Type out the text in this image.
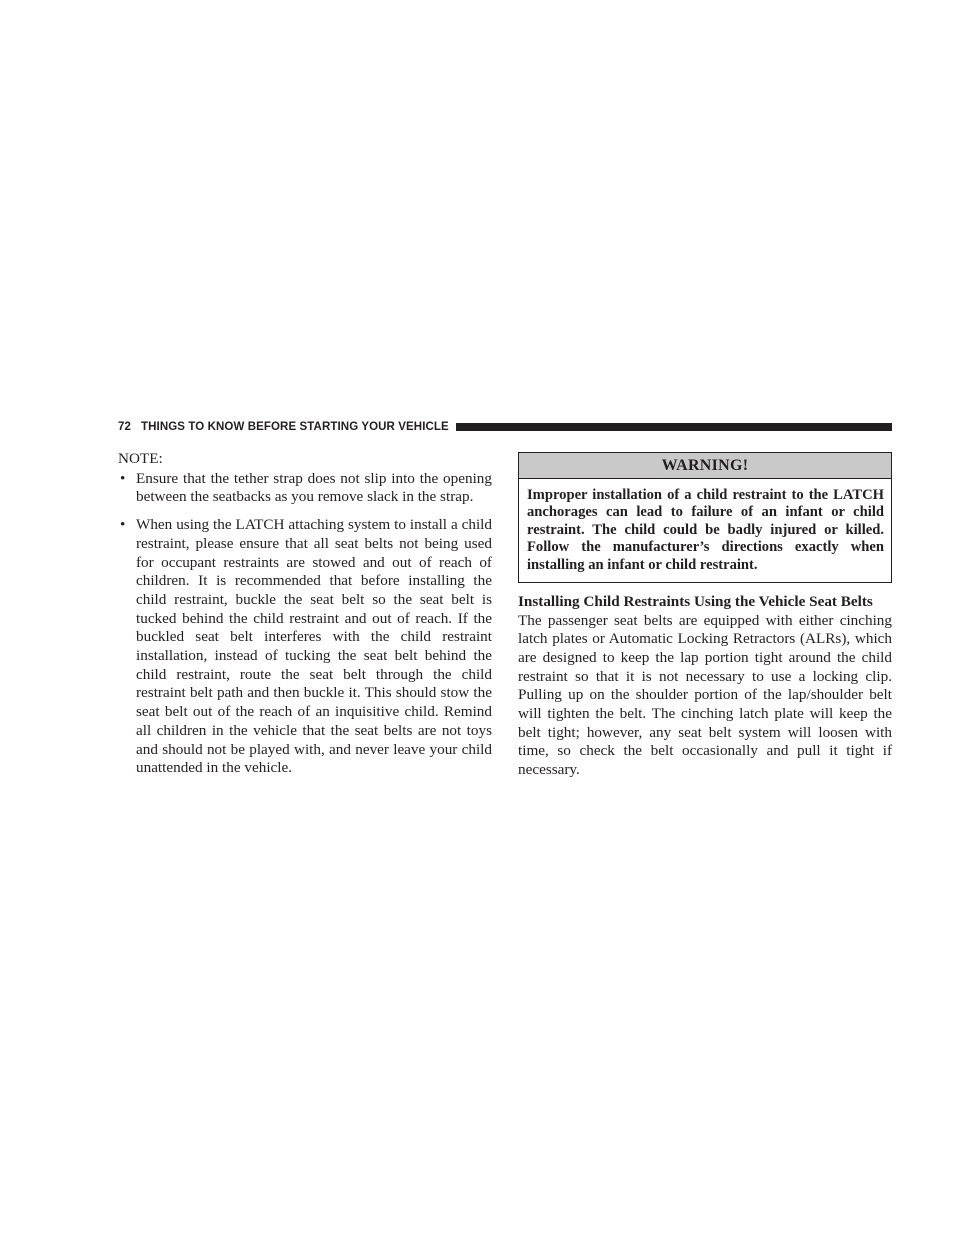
72 THINGS TO KNOW BEFORE STARTING YOUR VEHICLE
NOTE:
• Ensure that the tether strap does not slip into the opening between the seatbacks as you remove slack in the strap.
• When using the LATCH attaching system to install a child restraint, please ensure that all seat belts not being used for occupant restraints are stowed and out of reach of children. It is recommended that before installing the child restraint, buckle the seat belt so the seat belt is tucked behind the child restraint and out of reach. If the buckled seat belt interferes with the child restraint installation, instead of tucking the seat belt behind the child restraint, route the seat belt through the child restraint belt path and then buckle it. This should stow the seat belt out of the reach of an inquisitive child. Remind all children in the vehicle that the seat belts are not toys and should not be played with, and never leave your child unattended in the vehicle.
WARNING!
Improper installation of a child restraint to the LATCH anchorages can lead to failure of an infant or child restraint. The child could be badly injured or killed. Follow the manufacturer’s directions exactly when installing an infant or child restraint.
Installing Child Restraints Using the Vehicle Seat Belts

The passenger seat belts are equipped with either cinching latch plates or Automatic Locking Retractors (ALRs), which are designed to keep the lap portion tight around the child restraint so that it is not necessary to use a locking clip. Pulling up on the shoulder portion of the lap/shoulder belt will tighten the belt. The cinching latch plate will keep the belt tight; however, any seat belt system will loosen with time, so check the belt occasionally and pull it tight if necessary.
